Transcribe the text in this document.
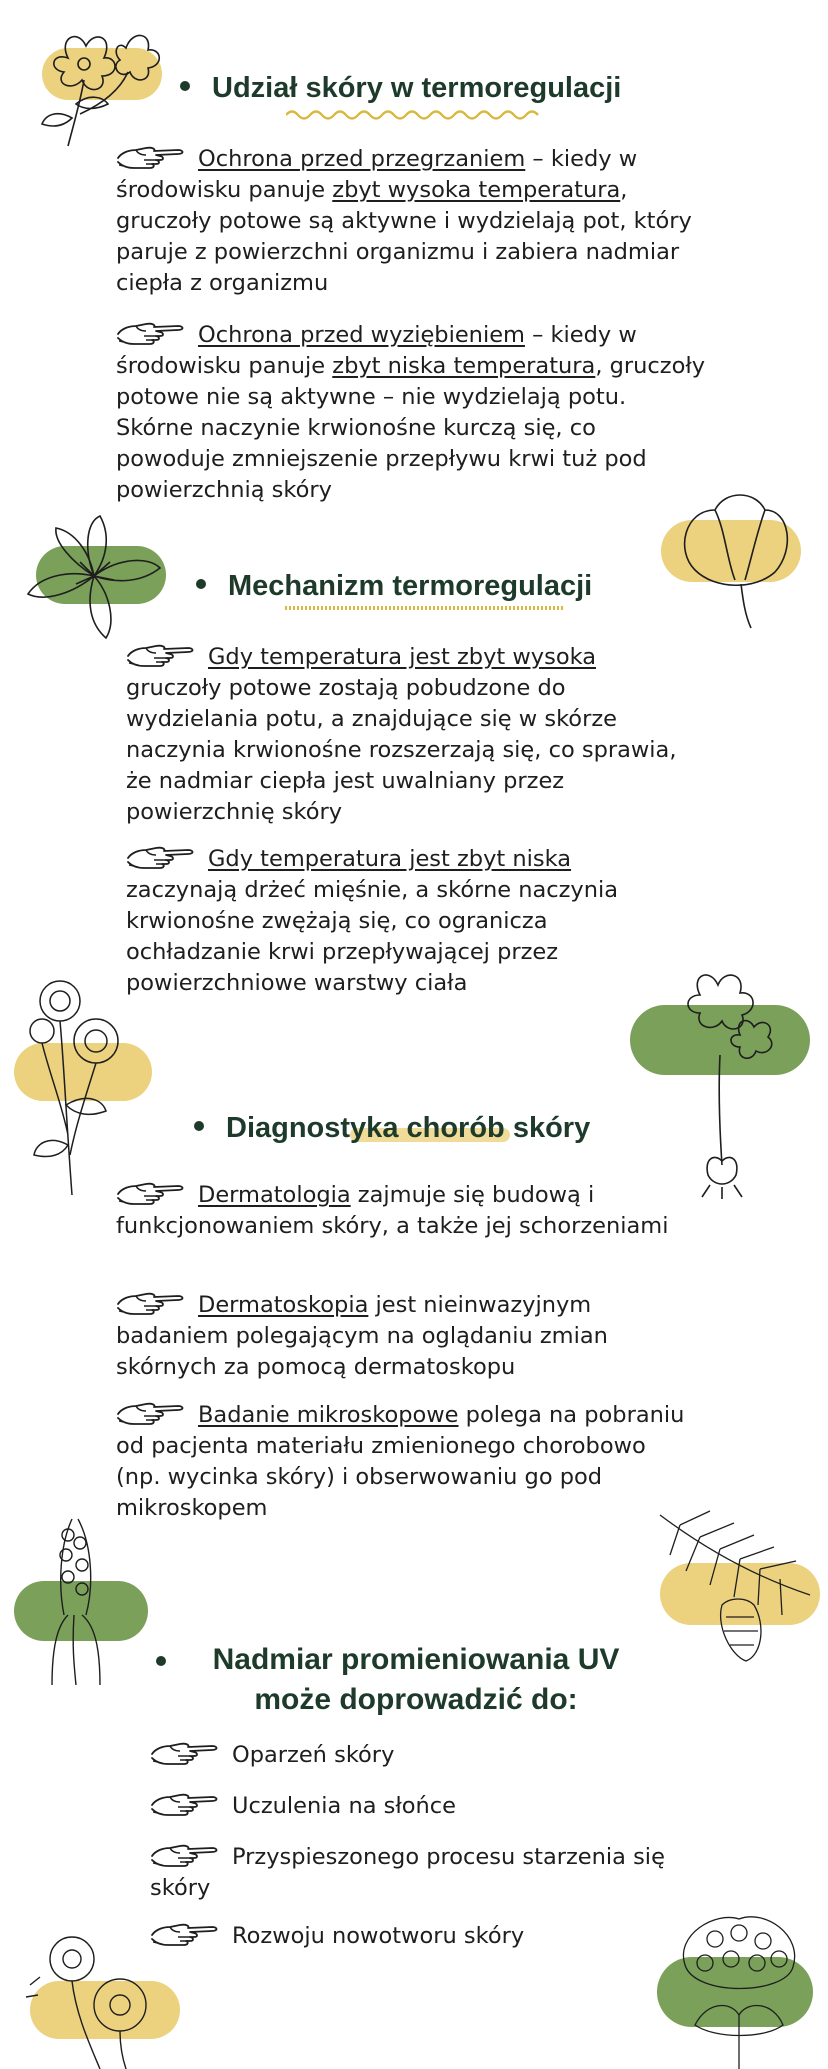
Udział skóry w termoregulacji
Ochrona przed przegrzaniem – kiedy w środowisku panuje zbyt wysoka temperatura, gruczoły potowe są aktywne i wydzielają pot, który paruje z powierzchni organizmu i zabiera nadmiar ciepła z organizmu
Ochrona przed wyziębieniem – kiedy w środowisku panuje zbyt niska temperatura, gruczoły potowe nie są aktywne – nie wydzielają potu. Skórne naczynie krwionośne kurczą się, co powoduje zmniejszenie przepływu krwi tuż pod powierzchnią skóry
Mechanizm termoregulacji
Gdy temperatura jest zbyt wysoka gruczoły potowe zostają pobudzone do wydzielania potu, a znajdujące się w skórze naczynia krwionośne rozszerzają się, co sprawia, że nadmiar ciepła jest uwalniany przez powierzchnię skóry
Gdy temperatura jest zbyt niska zaczynają drżeć mięśnie, a skórne naczynia krwionośne zwężają się, co ogranicza ochładzanie krwi przepływającej przez powierzchniowe warstwy ciała
Diagnostyka chorób skóry
Dermatologia zajmuje się budową i funkcjonowaniem skóry, a także jej schorzeniami
Dermatoskopia jest nieinwazyjnym badaniem polegającym na oglądaniu zmian skórnych za pomocą dermatoskopu
Badanie mikroskopowe polega na pobraniu od pacjenta materiału zmienionego chorobowo (np. wycinka skóry) i obserwowaniu go pod mikroskopem
Nadmiar promieniowania UV
może doprowadzić do:
Oparzeń skóry
Uczulenia na słońce
Przyspieszonego procesu starzenia się skóry
Rozwoju nowotworu skóry
